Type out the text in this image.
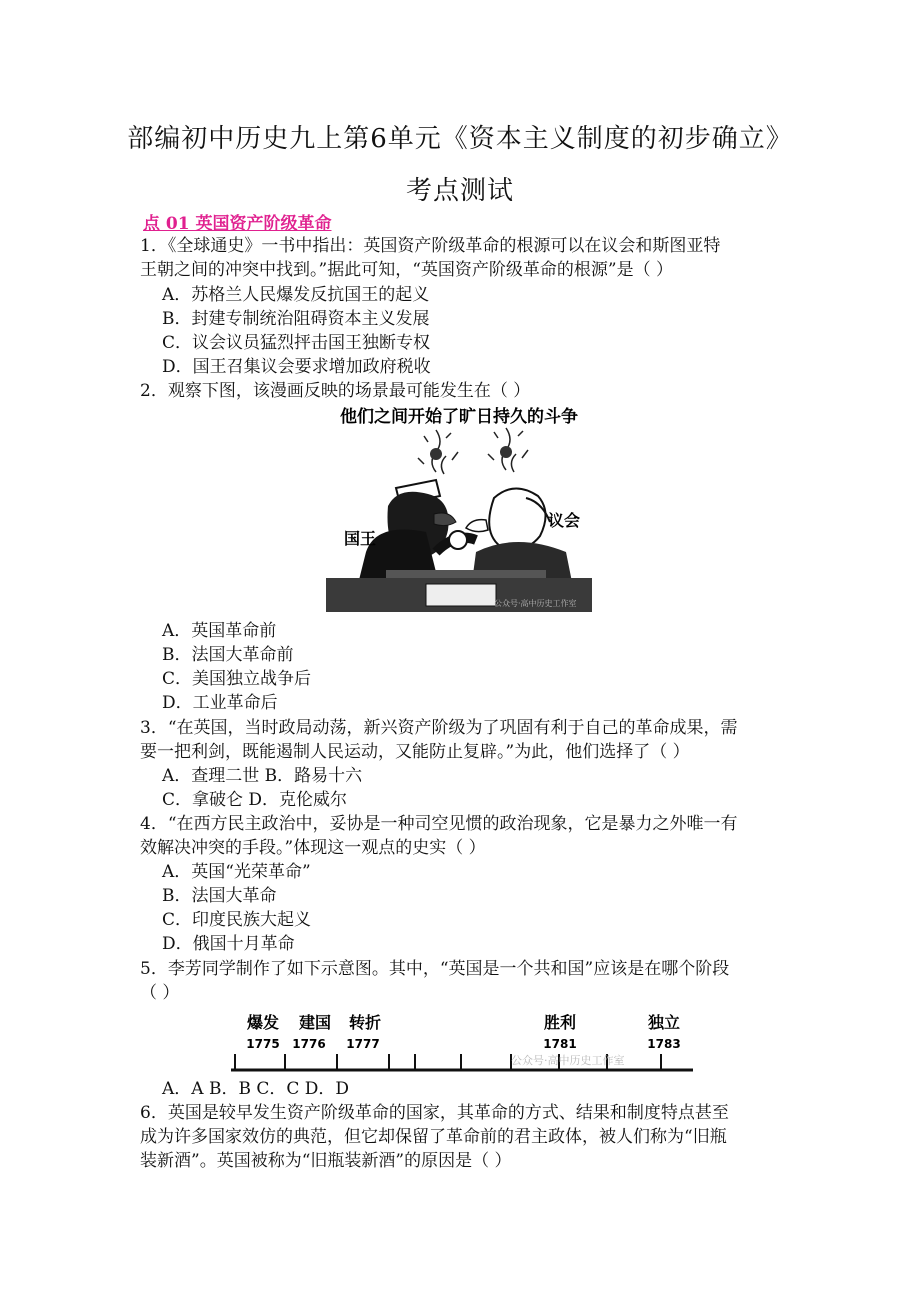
部编初中历史九上第6单元《资本主义制度的初步确立》
考点测试
点 01 英国资产阶级革命
1．《全球通史》一书中指出：英国资产阶级革命的根源可以在议会和斯图亚特
王朝之间的冲突中找到。”据此可知，“英国资产阶级革命的根源”是（ ）
A．苏格兰人民爆发反抗国王的起义
B．封建专制统治阻碍资本主义发展
C．议会议员猛烈抨击国王独断专权
D．国王召集议会要求增加政府税收
2．观察下图，该漫画反映的场景最可能发生在（ ）
他们之间开始了旷日持久的斗争
国王
议会
公众号·高中历史工作室
A．英国革命前
B．法国大革命前
C．美国独立战争后
D．工业革命后
3．“在英国，当时政局动荡，新兴资产阶级为了巩固有利于自己的革命成果，需
要一把利剑，既能遏制人民运动，又能防止复辟。”为此，他们选择了（ ）
A．查理二世 B．路易十六
C．拿破仑 D．克伦威尔
4．“在西方民主政治中，妥协是一种司空见惯的政治现象，它是暴力之外唯一有
效解决冲突的手段。”体现这一观点的史实（ ）
A．英国“光荣革命”
B．法国大革命
C．印度民族大起义
D．俄国十月革命
5．李芳同学制作了如下示意图。其中，“英国是一个共和国”应该是在哪个阶段
（ ）
爆发 建国 转折	胜利	独立
1775 1776 1777	1781	1783
公众号·高中历史工作室
A．A B．B C．C D．D
6．英国是较早发生资产阶级革命的国家，其革命的方式、结果和制度特点甚至
成为许多国家效仿的典范，但它却保留了革命前的君主政体，被人们称为“旧瓶
装新酒”。英国被称为“旧瓶装新酒”的原因是（ ）
